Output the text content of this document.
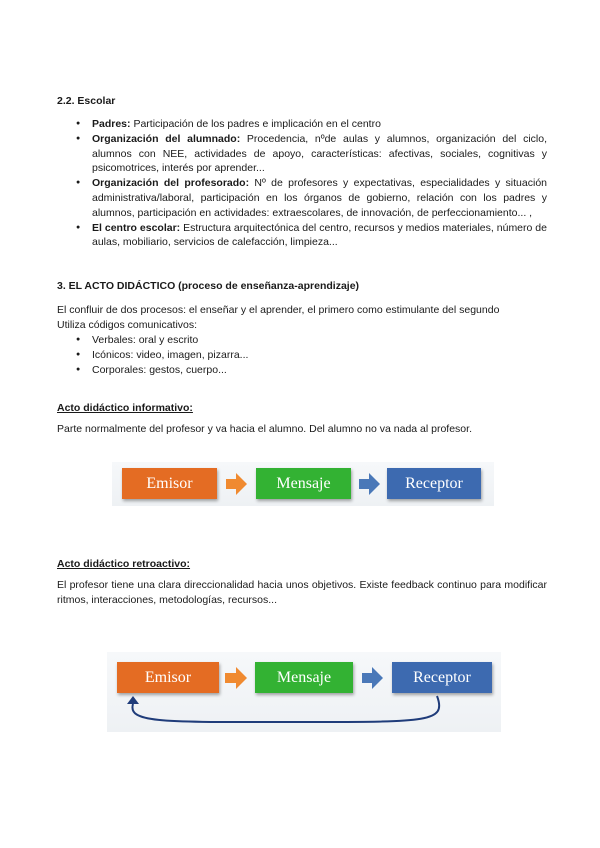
2.2. Escolar
● Padres: Participación de los padres e implicación en el centro
● Organización del alumnado: Procedencia, nºde aulas y alumnos, organización del ciclo, alumnos con NEE, actividades de apoyo, características: afectivas, sociales, cognitivas y psicomotrices, interés por aprender...
● Organización del profesorado: Nº de profesores y expectativas, especialidades y situación administrativa/laboral, participación en los órganos de gobierno, relación con los padres y alumnos, participación en actividades: extraescolares, de innovación, de perfeccionamiento... ,
● El centro escolar: Estructura arquitectónica del centro, recursos y medios materiales, número de aulas, mobiliario, servicios de calefacción, limpieza...
3. EL ACTO DIDÁCTICO (proceso de enseñanza-aprendizaje)
El confluir de dos procesos: el enseñar y el aprender, el primero como estimulante del segundo
Utiliza códigos comunicativos:
● Verbales: oral y escrito
● Icónicos: video, imagen, pizarra...
● Corporales: gestos, cuerpo...
Acto didáctico informativo:
Parte normalmente del profesor y va hacia el alumno. Del alumno no va nada al profesor.
Acto didáctico retroactivo:
El profesor tiene una clara direccionalidad hacia unos objetivos. Existe feedback continuo para modificar ritmos, interacciones, metodologías, recursos...
Emisor	Mensaje	Receptor
Emisor	Mensaje	Receptor
